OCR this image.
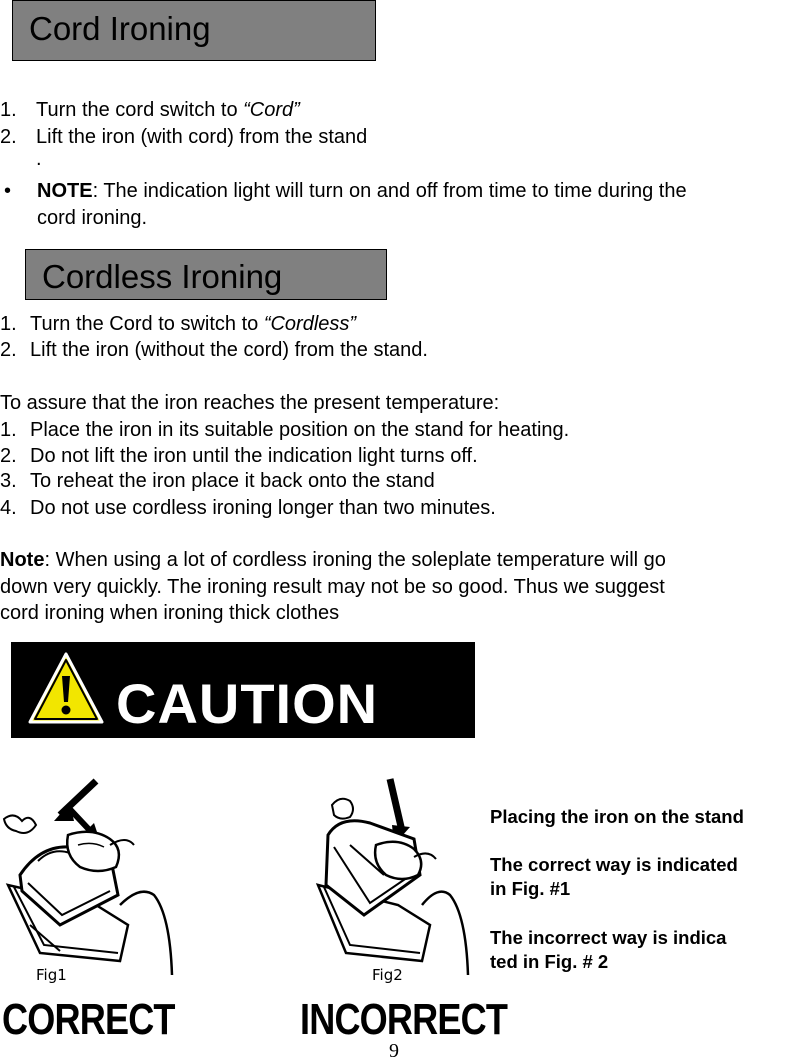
Cord Ironing
1. Turn the cord switch to “Cord”
2. Lift the iron (with cord) from the stand
.
• NOTE: The indication light will turn on and off from time to time during the
cord ironing.
Cordless Ironing
1. Turn the Cord to switch to “Cordless”
2. Lift the iron (without the cord) from the stand.
To assure that the iron reaches the present temperature:
1. Place the iron in its suitable position on the stand for heating.
2. Do not lift the iron until the indication light turns off.
3. To reheat the iron place it back onto the stand
4. Do not use cordless ironing longer than two minutes.
Note: When using a lot of cordless ironing the soleplate temperature will go
down very quickly. The ironing result may not be so good. Thus we suggest
cord ironing when ironing thick clothes
CAUTION
Fig1	Fig2
Placing the iron on the stand
The correct way is indicated
in Fig. #1
The incorrect way is indica
ted in Fig. # 2
CORRECT	INCORRECT
9
